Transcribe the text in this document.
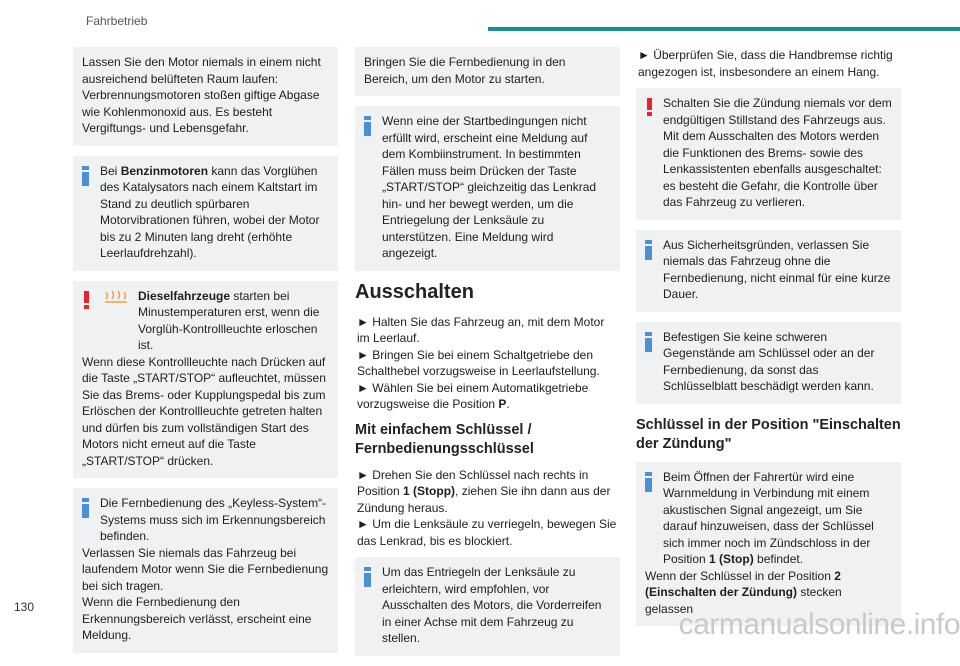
Fahrbetrieb

Lassen Sie den Motor niemals in einem nicht ausreichend belüfteten Raum laufen: Verbrennungsmotoren stoßen giftige Abgase wie Kohlenmonoxid aus. Es besteht Vergiftungs- und Lebensgefahr.

Bei Benzinmotoren kann das Vorglühen des Katalysators nach einem Kaltstart im Stand zu deutlich spürbaren Motorvibrationen führen, wobei der Motor bis zu 2 Minuten lang dreht (erhöhte Leerlaufdrehzahl).

Dieselfahrzeuge starten bei Minustemperaturen erst, wenn die Vorglüh-Kontrollleuchte erloschen ist.

Wenn diese Kontrollleuchte nach Drücken auf die Taste „START/STOP“ aufleuchtet, müssen Sie das Brems- oder Kupplungspedal bis zum Erlöschen der Kontrollleuchte getreten halten und dürfen bis zum vollständigen Start des Motors nicht erneut auf die Taste „START/STOP“ drücken.

Die Fernbedienung des „Keyless-System“-Systems muss sich im Erkennungsbereich befinden.

Verlassen Sie niemals das Fahrzeug bei laufendem Motor wenn Sie die Fernbedienung bei sich tragen.

Wenn die Fernbedienung den Erkennungsbereich verlässt, erscheint eine Meldung.

Bringen Sie die Fernbedienung in den Bereich, um den Motor zu starten.

Wenn eine der Startbedingungen nicht erfüllt wird, erscheint eine Meldung auf dem Kombiinstrument. In bestimmten Fällen muss beim Drücken der Taste „START/STOP“ gleichzeitig das Lenkrad hin- und her bewegt werden, um die Entriegelung der Lenksäule zu unterstützen. Eine Meldung wird angezeigt.

Ausschalten

► Halten Sie das Fahrzeug an, mit dem Motor im Leerlauf.

► Bringen Sie bei einem Schaltgetriebe den Schalthebel vorzugsweise in Leerlaufstellung.

► Wählen Sie bei einem Automatikgetriebe vorzugsweise die Position P.

Mit einfachem Schlüssel / Fernbedienungsschlüssel

► Drehen Sie den Schlüssel nach rechts in Position 1 (Stopp), ziehen Sie ihn dann aus der Zündung heraus.

► Um die Lenksäule zu verriegeln, bewegen Sie das Lenkrad, bis es blockiert.

Um das Entriegeln der Lenksäule zu erleichtern, wird empfohlen, vor Ausschalten des Motors, die Vorderreifen in einer Achse mit dem Fahrzeug zu stellen.

► Überprüfen Sie, dass die Handbremse richtig angezogen ist, insbesondere an einem Hang.

Schalten Sie die Zündung niemals vor dem endgültigen Stillstand des Fahrzeugs aus. Mit dem Ausschalten des Motors werden die Funktionen des Brems- sowie des Lenkassistenten ebenfalls ausgeschaltet: es besteht die Gefahr, die Kontrolle über das Fahrzeug zu verlieren.

Aus Sicherheitsgründen, verlassen Sie niemals das Fahrzeug ohne die Fernbedienung, nicht einmal für eine kurze Dauer.

Befestigen Sie keine schweren Gegenstände am Schlüssel oder an der Fernbedienung, da sonst das Schlüsselblatt beschädigt werden kann.

Schlüssel in der Position "Einschalten der Zündung"

Beim Öffnen der Fahrertür wird eine Warnmeldung in Verbindung mit einem akustischen Signal angezeigt, um Sie darauf hinzuweisen, dass der Schlüssel sich immer noch im Zündschloss in der Position 1 (Stop) befindet.

Wenn der Schlüssel in der Position 2 (Einschalten der Zündung) stecken gelassen

130
carmanualsonline.info
